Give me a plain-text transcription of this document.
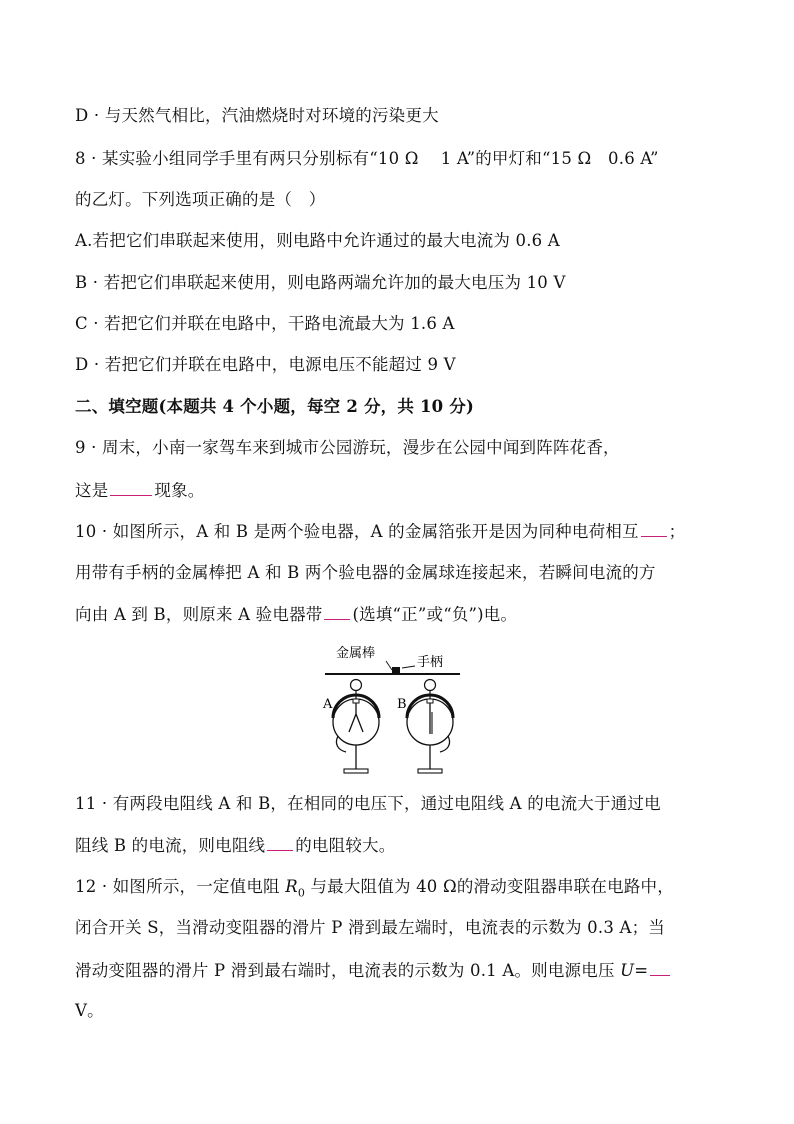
D · 与天然气相比，汽油燃烧时对环境的污染更大
8 · 某实验小组同学手里有两只分别标有“10 Ω　 1 A”的甲灯和“15 Ω　0.6 A”
的乙灯。下列选项正确的是（　）
A.若把它们串联起来使用，则电路中允许通过的最大电流为 0.6 A
B · 若把它们串联起来使用，则电路两端允许加的最大电压为 10 V
C · 若把它们并联在电路中，干路电流最大为 1.6 A
D · 若把它们并联在电路中，电源电压不能超过 9 V
二、填空题(本题共 4 个小题，每空 2 分，共 10 分)
9 · 周末，小南一家驾车来到城市公园游玩，漫步在公园中闻到阵阵花香，
这是	现象。
10 · 如图所示，A 和 B 是两个验电器，A 的金属箔张开是因为同种电荷相互 ；
用带有手柄的金属棒把 A 和 B 两个验电器的金属球连接起来，若瞬间电流的方
向由 A 到 B，则原来 A 验电器带 (选填“正”或“负”)电。
金属棒
手柄
A	B
11 · 有两段电阻线 A 和 B，在相同的电压下，通过电阻线 A 的电流大于通过电
阻线 B 的电流，则电阻线 的电阻较大。
12 · 如图所示，一定值电阻 $R_0$ 与最大阻值为 40 Ω的滑动变阻器串联在电路中，
闭合开关 S，当滑动变阻器的滑片 P 滑到最左端时，电流表的示数为 0.3 A；当
滑动变阻器的滑片 P 滑到最右端时，电流表的示数为 0.1 A。则电源电压 U=
V。
